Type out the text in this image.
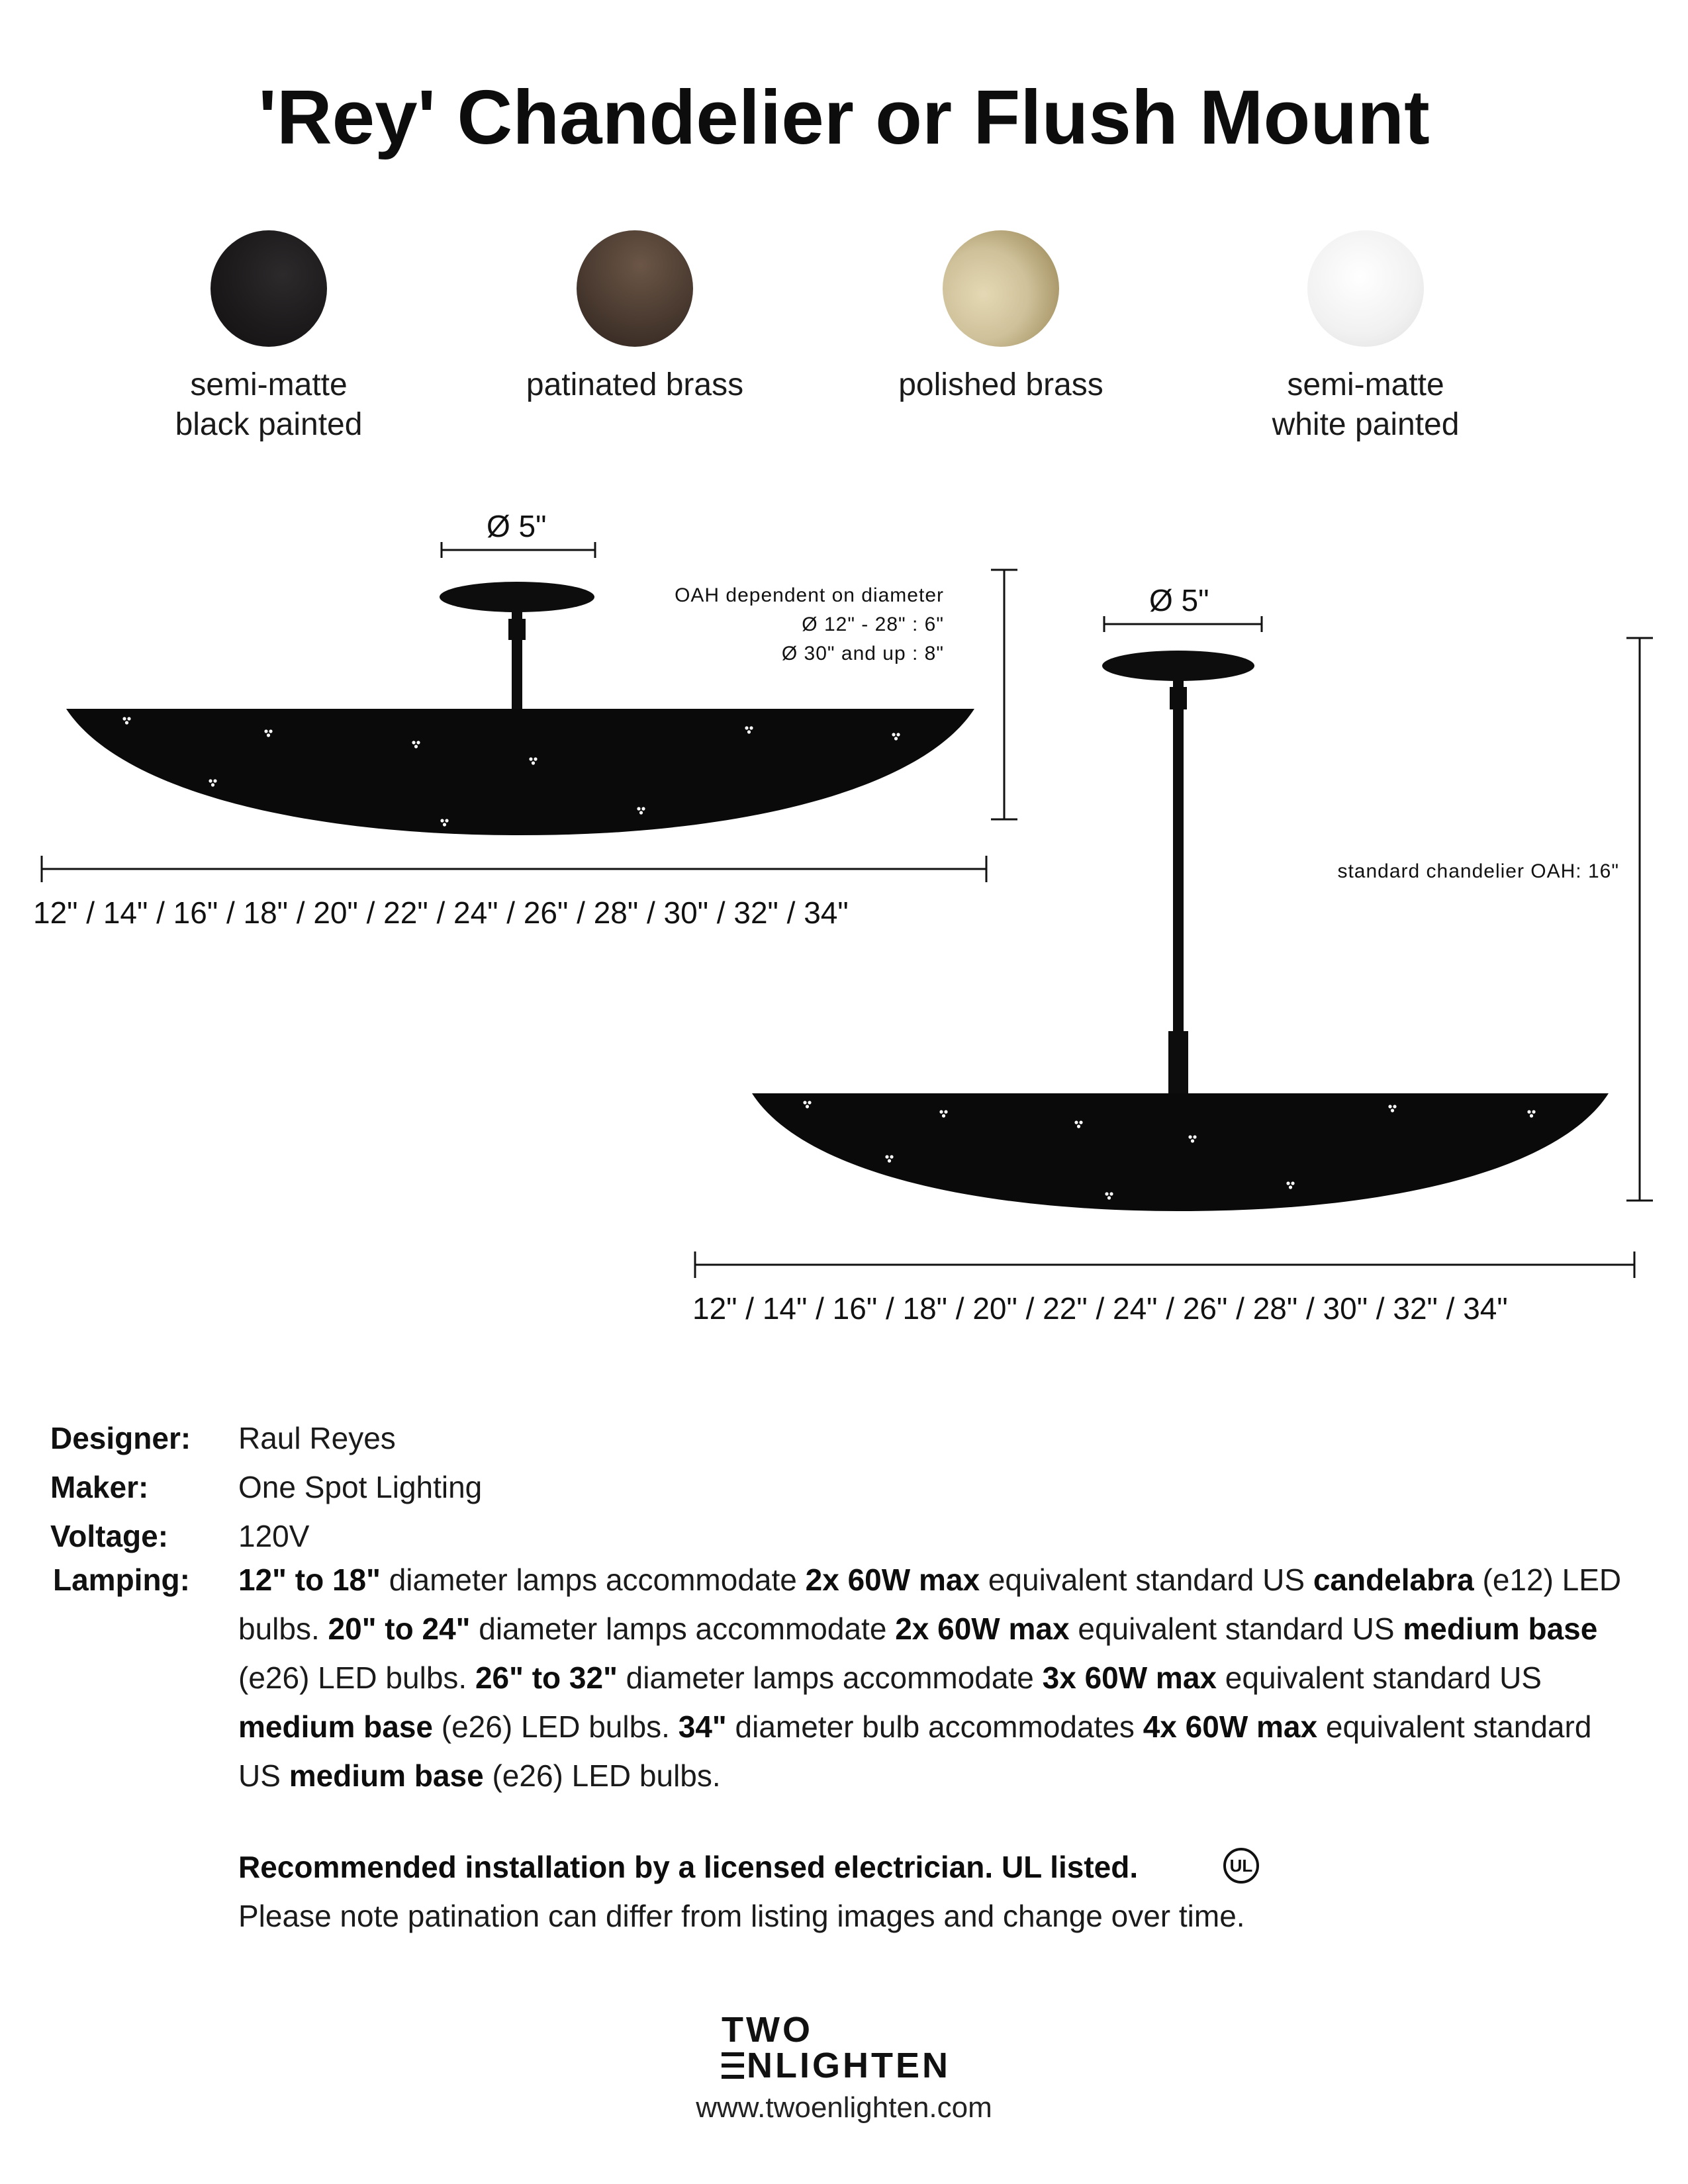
'Rey' Chandelier or Flush Mount
semi-matte
black painted
patinated brass	polished brass	semi-matte
white painted
Ø 5"
OAH dependent on diameter
Ø 12" - 28" : 6"
Ø 30" and up : 8"
12" / 14" / 16" / 18" / 20" / 22" / 24" / 26" / 28" / 30" / 32" / 34"
Ø 5"
standard chandelier OAH: 16"
12" / 14" / 16" / 18" / 20" / 22" / 24" / 26" / 28" / 30" / 32" / 34"
Designer: Raul Reyes
Maker:	One Spot Lighting
Voltage: 120V
Lamping: 12" to 18" diameter lamps accommodate 2x 60W max equivalent standard US candelabra (e12) LED bulbs. 20" to 24" diameter lamps accommodate 2x 60W max equivalent standard US medium base (e26) LED bulbs. 26" to 32" diameter lamps accommodate 3x 60W max equivalent standard US medium base (e26) LED bulbs. 34" diameter bulb accommodates 4x 60W max equivalent standard US medium base (e26) LED bulbs.
Recommended installation by a licensed electrician. UL listed.	UL
Please note patination can differ from listing images and change over time.
TWO
NLIGHTEN
www.twoenlighten.com
